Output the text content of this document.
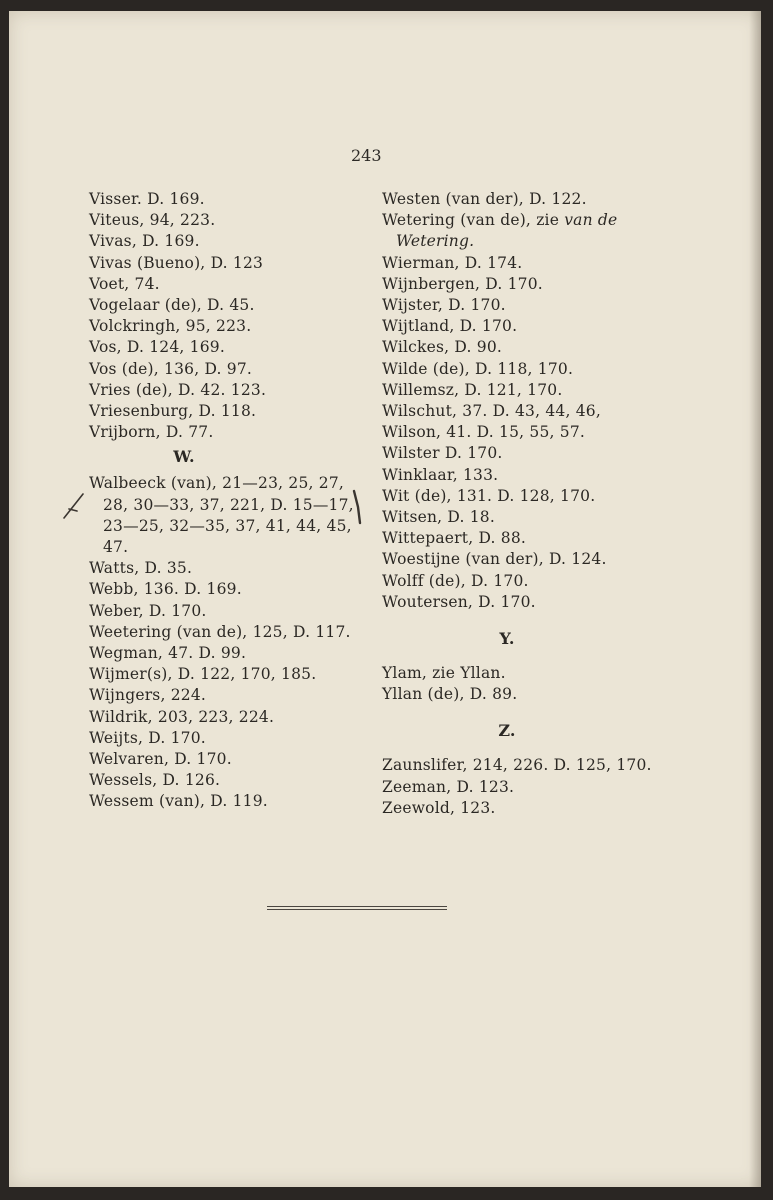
243
Visser. D. 169.
Viteus, 94, 223.
Vivas, D. 169.
Vivas (Bueno), D. 123
Voet, 74.
Vogelaar (de), D. 45.
Volckringh, 95, 223.
Vos, D. 124, 169.
Vos (de), 136, D. 97.
Vries (de), D. 42. 123.
Vriesenburg, D. 118.
Vrijborn, D. 77.
W.
Walbeeck (van), 21—23, 25, 27, 28, 30—33, 37, 221, D. 15—17, 23—25, 32—35, 37, 41, 44, 45, 47.
Watts, D. 35.
Webb, 136. D. 169.
Weber, D. 170.
Weetering (van de), 125, D. 117.
Wegman, 47. D. 99.
Wijmer(s), D. 122, 170, 185.
Wijngers, 224.
Wildrik, 203, 223, 224.
Weijts, D. 170.
Welvaren, D. 170.
Wessels, D. 126.
Wessem (van), D. 119.
Westen (van der), D. 122.
Wetering (van de), zie van de Wetering.
Wierman, D. 174.
Wijnbergen, D. 170.
Wijster, D. 170.
Wijtland, D. 170.
Wilckes, D. 90.
Wilde (de), D. 118, 170.
Willemsz, D. 121, 170.
Wilschut, 37. D. 43, 44, 46,
Wilson, 41. D. 15, 55, 57.
Wilster D. 170.
Winklaar, 133.
Wit (de), 131. D. 128, 170.
Witsen, D. 18.
Wittepaert, D. 88.
Woestijne (van der), D. 124.
Wolff (de), D. 170.
Woutersen, D. 170.
Y.
Ylam, zie Yllan.
Yllan (de), D. 89.
Z.
Zaunslifer, 214, 226. D. 125, 170.
Zeeman, D. 123.
Zeewold, 123.
